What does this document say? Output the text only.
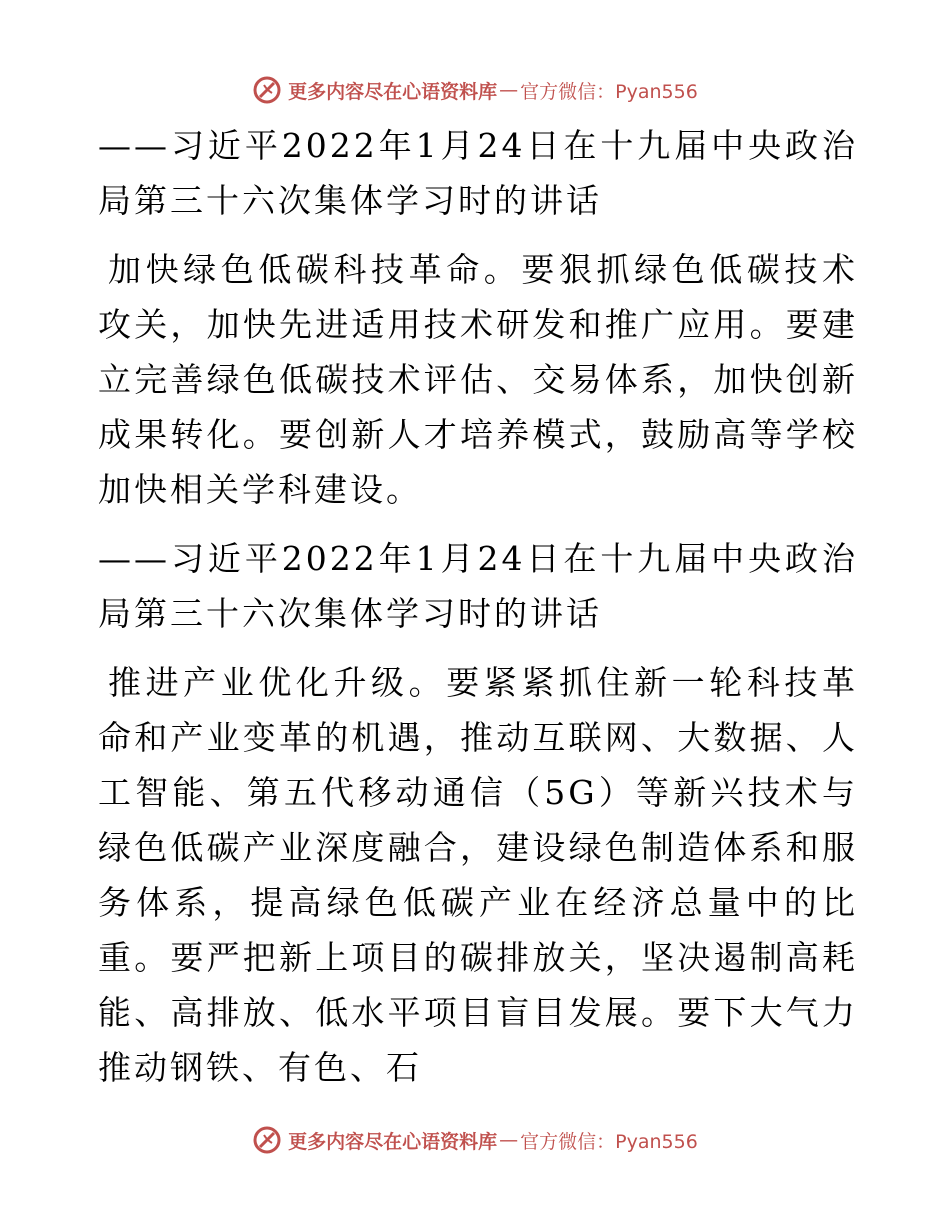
更多内容尽在心语资料库 — 官方微信：Pyan556

——习近平2022年1月24日在十九届中央政治局第三十六次集体学习时的讲话

加快绿色低碳科技革命。要狠抓绿色低碳技术攻关，加快先进适用技术研发和推广应用。要建立完善绿色低碳技术评估、交易体系，加快创新成果转化。要创新人才培养模式，鼓励高等学校加快相关学科建设。

——习近平2022年1月24日在十九届中央政治局第三十六次集体学习时的讲话

推进产业优化升级。要紧紧抓住新一轮科技革命和产业变革的机遇，推动互联网、大数据、人工智能、第五代移动通信（5G）等新兴技术与绿色低碳产业深度融合，建设绿色制造体系和服务体系，提高绿色低碳产业在经济总量中的比重。要严把新上项目的碳排放关，坚决遏制高耗能、高排放、低水平项目盲目发展。要下大气力推动钢铁、有色、石

更多内容尽在心语资料库 — 官方微信：Pyan556
